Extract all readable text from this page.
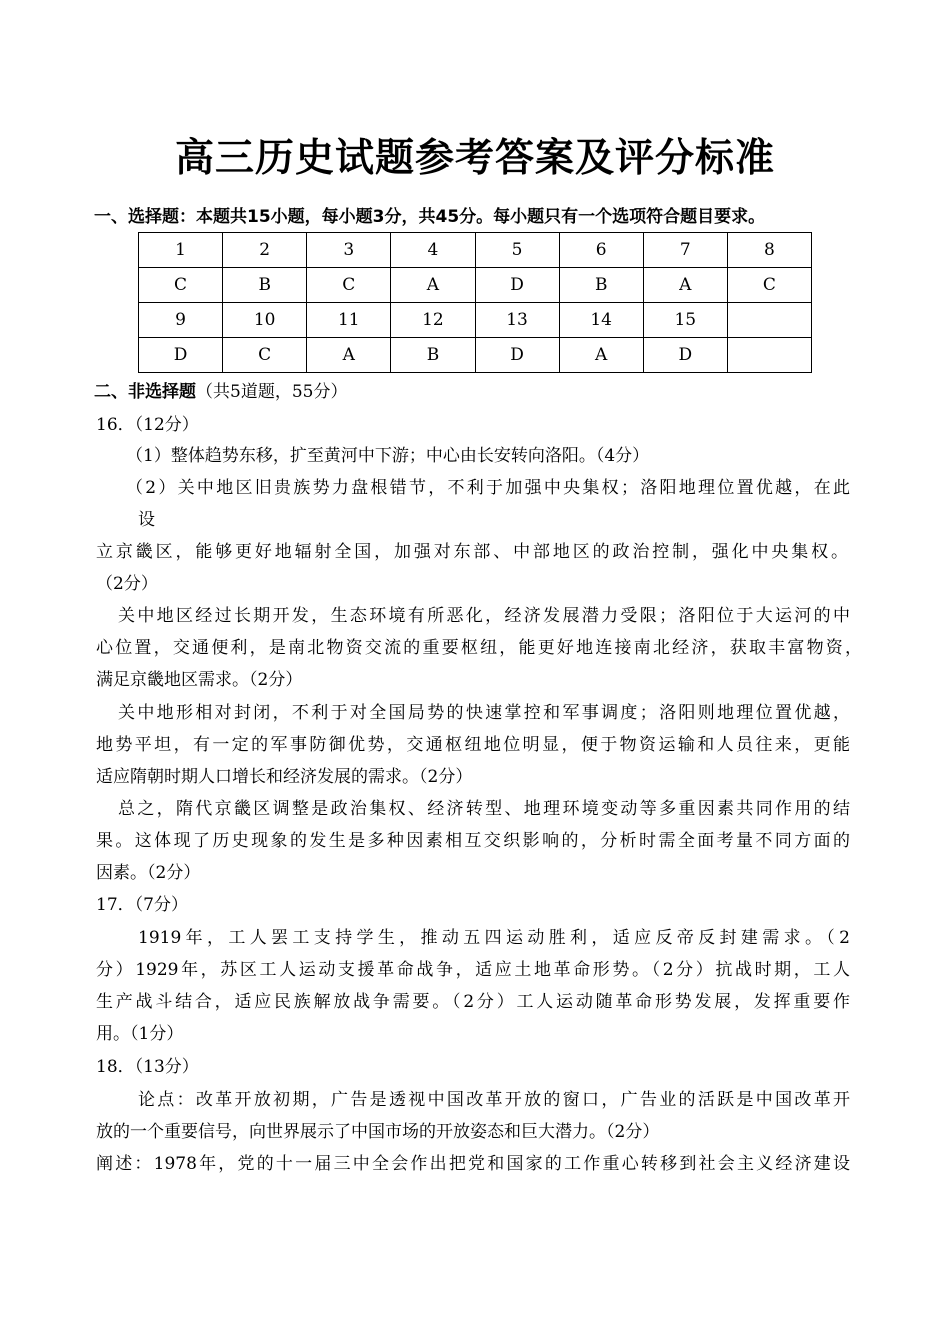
高三历史试题参考答案及评分标准
一、选择题：本题共15小题，每小题3分，共45分。每小题只有一个选项符合题目要求。
1	2	3	4	5	6	7	8
C	B	C	A	D	B	A	C
9	10	11	12	13	14	15	
D	C	A	B	D	A	D	
二、非选择题（共5道题，55分）
16．（12分）
（1）整体趋势东移，扩至黄河中下游；中心由长安转向洛阳。（4分）
（2）关中地区旧贵族势力盘根错节，不利于加强中央集权；洛阳地理位置优越，在此
设
立京畿区，能够更好地辐射全国，加强对东部、中部地区的政治控制，强化中央集权。
（2分）
关中地区经过长期开发，生态环境有所恶化，经济发展潜力受限；洛阳位于大运河的中
心位置，交通便利，是南北物资交流的重要枢纽，能更好地连接南北经济，获取丰富物资，
满足京畿地区需求。（2分）
关中地形相对封闭，不利于对全国局势的快速掌控和军事调度；洛阳则地理位置优越，
地势平坦，有一定的军事防御优势，交通枢纽地位明显，便于物资运输和人员往来，更能
适应隋朝时期人口增长和经济发展的需求。（2分）
总之，隋代京畿区调整是政治集权、经济转型、地理环境变动等多重因素共同作用的结
果。这体现了历史现象的发生是多种因素相互交织影响的，分析时需全面考量不同方面的
因素。（2分）
17．（7分）
1919年，工人罢工支持学生，推动五四运动胜利，适应反帝反封建需求。（2
分）1929年，苏区工人运动支援革命战争，适应土地革命形势。（2分）抗战时期，工人
生产战斗结合，适应民族解放战争需要。（2分）工人运动随革命形势发展，发挥重要作
用。（1分）
18．（13分）
论点：改革开放初期，广告是透视中国改革开放的窗口，广告业的活跃是中国改革开
放的一个重要信号，向世界展示了中国市场的开放姿态和巨大潜力。（2分）
阐述：1978年，党的十一届三中全会作出把党和国家的工作重心转移到社会主义经济建设
